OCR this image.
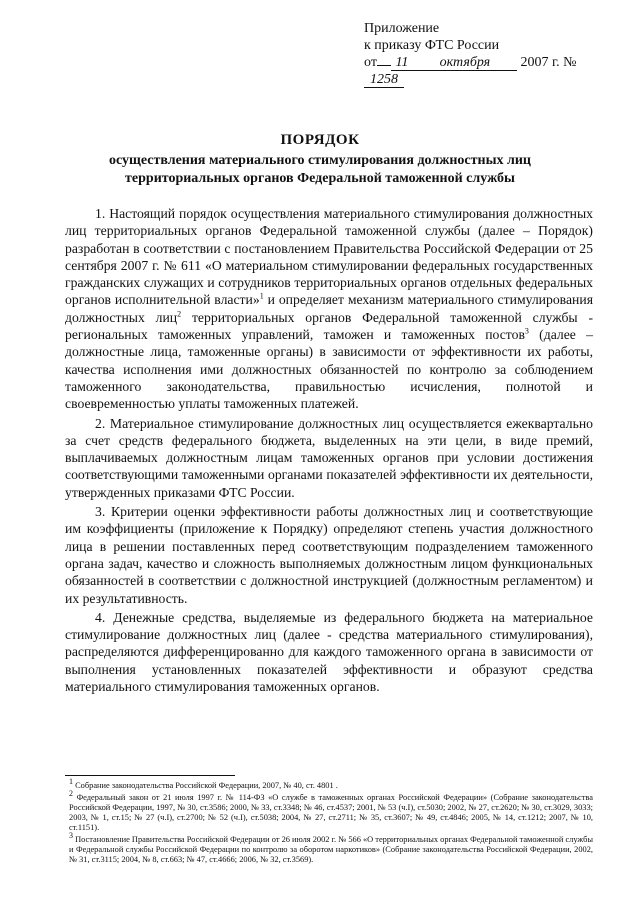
Приложение
к приказу ФТС России
от 11 октября 2007 г. №1258
ПОРЯДОК
осуществления материального стимулирования должностных лиц
территориальных органов Федеральной таможенной службы

1. Настоящий порядок осуществления материального стимулирования должностных лиц территориальных органов Федеральной таможенной службы (далее – Порядок) разработан в соответствии с постановлением Правительства Российской Федерации от 25 сентября 2007 г. № 611 «О материальном стимулировании федеральных государственных гражданских служащих и сотрудников территориальных органов отдельных федеральных органов исполнительной власти»$^1$ и определяет механизм материального стимулирования должностных лиц$^2$ территориальных органов Федеральной таможенной службы - региональных таможенных управлений, таможен и таможенных постов$^3$ (далее – должностные лица, таможенные органы) в зависимости от эффективности их работы, качества исполнения ими должностных обязанностей по контролю за соблюдением таможенного законодательства, правильностью исчисления, полнотой и своевременностью уплаты таможенных платежей.

2. Материальное стимулирование должностных лиц осуществляется ежеквартально за счет средств федерального бюджета, выделенных на эти цели, в виде премий, выплачиваемых должностным лицам таможенных органов при условии достижения соответствующими таможенными органами показателей эффективности их деятельности, утвержденных приказами ФТС России.

3. Критерии оценки эффективности работы должностных лиц и соответствующие им коэффициенты (приложение к Порядку) определяют степень участия должностного лица в решении поставленных перед соответствующим подразделением таможенного органа задач, качество и сложность выполняемых должностным лицом функциональных обязанностей в соответствии с должностной инструкцией (должностным регламентом) и их результативность.

4. Денежные средства, выделяемые из федерального бюджета на материальное стимулирование должностных лиц (далее - средства материального стимулирования), распределяются дифференцированно для каждого таможенного органа в зависимости от выполнения установленных показателей эффективности и образуют средства материального стимулирования таможенных органов.

$^1$ Собрание законодательства Российской Федерации, 2007, № 40, ст. 4801 .

$^2$ Федеральный закон от 21 июля 1997 г. № 114-ФЗ «О службе в таможенных органах Российской Федерации» (Собрание законодательства Российской Федерации, 1997, № 30, ст.3586; 2000, № 33, ст.3348; № 46, ст.4537; 2001, № 53 (ч.I), ст.5030; 2002, № 27, ст.2620; № 30, ст.3029, 3033; 2003, № 1, ст.15; № 27 (ч.I), ст.2700; № 52 (ч.I), ст.5038; 2004, № 27, ст.2711; № 35, ст.3607; № 49, ст.4846; 2005, № 14, ст.1212; 2007, № 10, ст.1151).

$^3$ Постановление Правительства Российской Федерации от 26 июля 2002 г. № 566 «О территориальных органах Федеральной таможенной службы и Федеральной службы Российской Федерации по контролю за оборотом наркотиков» (Собрание законодательства Российской Федерации, 2002, № 31, ст.3115; 2004, № 8, ст.663; № 47, ст.4666; 2006, № 32, ст.3569).
